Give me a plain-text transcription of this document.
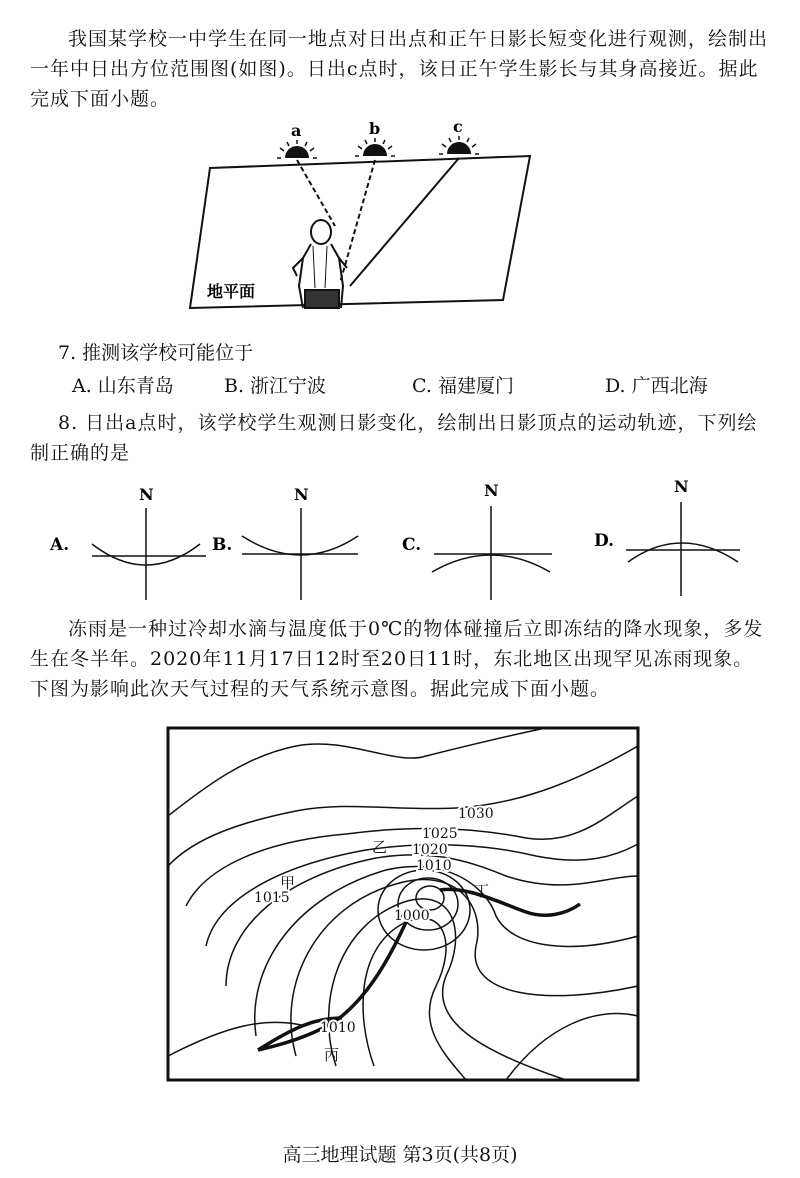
我国某学校一中学生在同一地点对日出点和正午日影长短变化进行观测，绘制出一年中日出方位范围图(如图)。日出c点时，该日正午学生影长与其身高接近。据此完成下面小题。
a	b	c
地平面
7. 推测该学校可能位于
A. 山东青岛	B. 浙江宁波	C. 福建厦门	D. 广西北海
8. 日出a点时，该学校学生观测日影变化，绘制出日影顶点的运动轨迹，下列绘制正确的是
A.
N
B.
N
C.
N
D.
N
冻雨是一种过冷却水滴与温度低于0℃的物体碰撞后立即冻结的降水现象，多发生在冬半年。2020年11月17日12时至20日11时，东北地区出现罕见冻雨现象。下图为影响此次天气过程的天气系统示意图。据此完成下面小题。
1030
1025
1020
1010
1015
1000
1010
甲
乙
丙
丁
高三地理试题 第3页(共8页)
